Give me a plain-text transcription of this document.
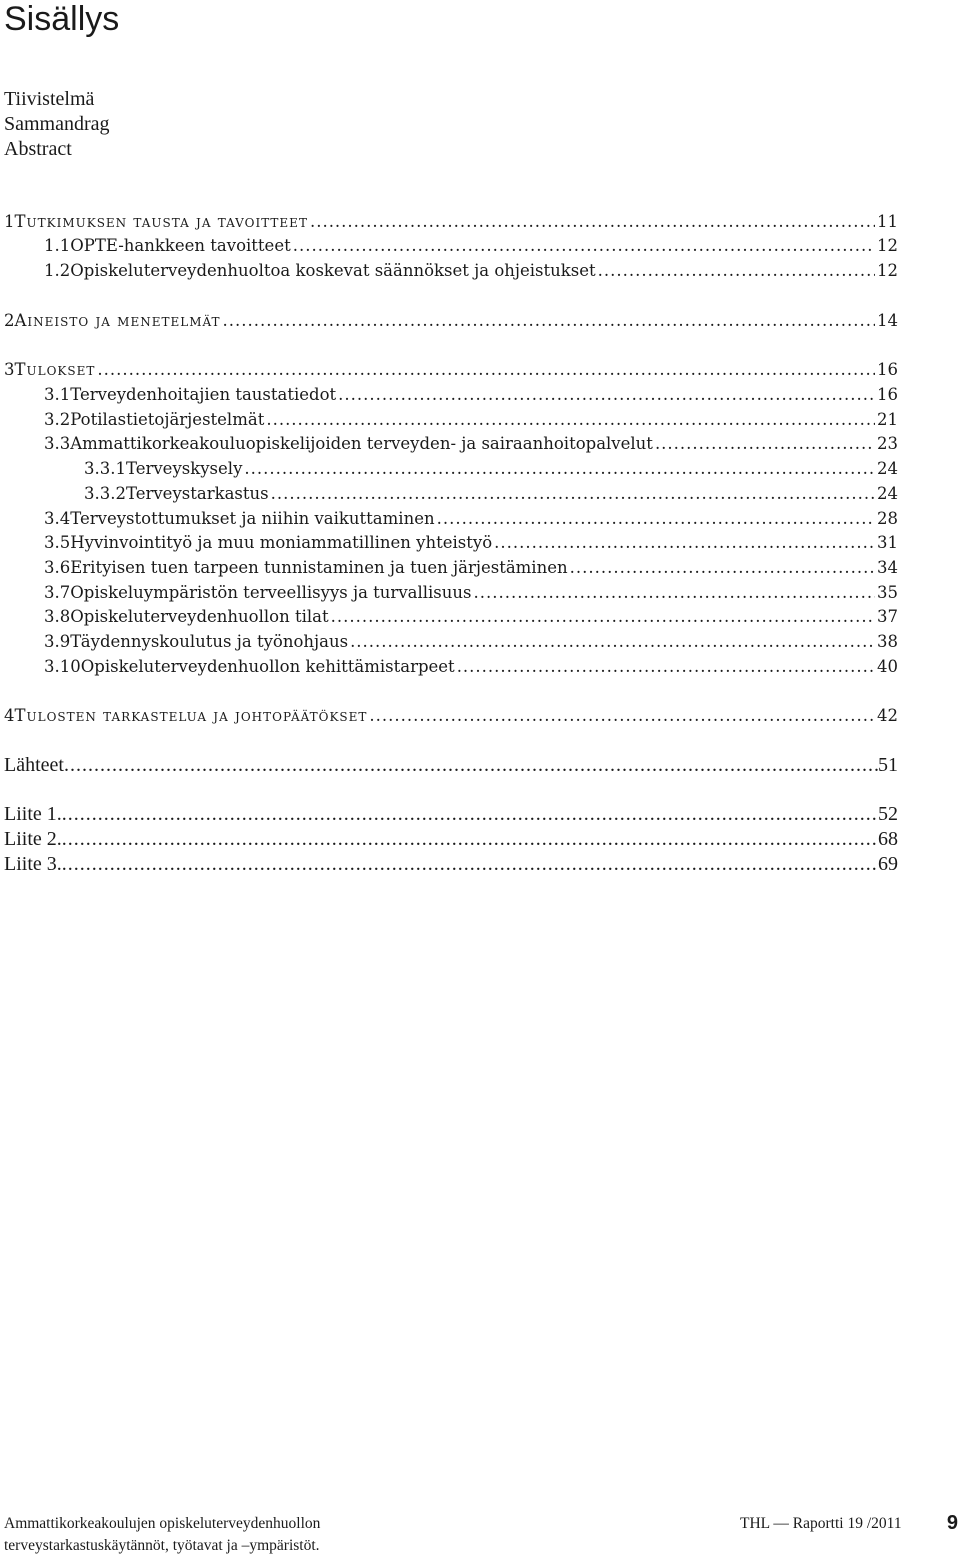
Sisällys
Tiivistelmä
Sammandrag
Abstract
1 Tutkimuksen tausta ja tavoitteet .....	11
1.1 OPTE-hankkeen tavoitteet .....	12
1.2 Opiskeluterveydenhuoltoa koskevat säännökset ja ohjeistukset .....	12
2 Aineisto ja menetelmät .....	14
3 Tulokset .....	16
3.1 Terveydenhoitajien taustatiedot .....	16
3.2 Potilastietojärjestelmät .....	21
3.3 Ammattikorkeakouluopiskelijoiden terveyden- ja sairaanhoitopalvelut .....	23
3.3.1 Terveyskysely .....	24
3.3.2 Terveystarkastus .....	24
3.4 Terveystottumukset ja niihin vaikuttaminen .....	28
3.5 Hyvinvointityö ja muu moniammatillinen yhteistyö .....	31
3.6 Erityisen tuen tarpeen tunnistaminen ja tuen järjestäminen .....	34
3.7 Opiskeluympäristön terveellisyys ja turvallisuus .....	35
3.8 Opiskeluterveydenhuollon tilat .....	37
3.9 Täydennyskoulutus ja työnohjaus .....	38
3.10 Opiskeluterveydenhuollon kehittämistarpeet .....	40
4 Tulosten tarkastelua ja johtopäätökset .....	42
Lähteet .....	51
Liite 1. .....	52
Liite 2. .....	68
Liite 3. .....	69
Ammattikorkeakoulujen opiskeluterveydenhuollon
terveystarkastuskäytännöt, työtavat ja –ympäristöt.
THL — Raportti 19 /2011 9
